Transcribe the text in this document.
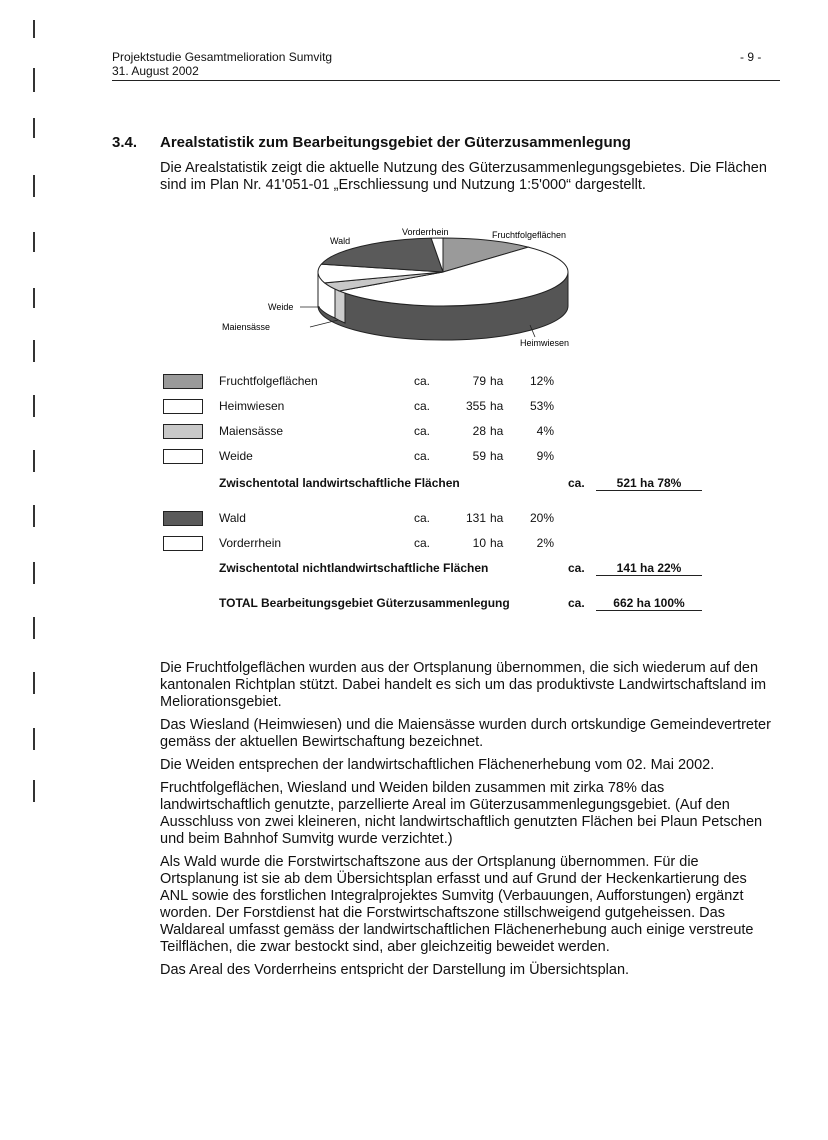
Projektstudie Gesamtmelioration Sumvitg
31. August 2002
- 9 -
3.4. Arealstatistik zum Bearbeitungsgebiet der Güterzusammenlegung
Die Arealstatistik zeigt die aktuelle Nutzung des Güterzusammenlegungsgebietes. Die Flächen sind im Plan Nr. 41'051-01 „Erschliessung und Nutzung 1:5'000“ dargestellt.
Wald
Vorderrhein	Fruchtfolgeflächen
Weide
Maiensässe
Heimwiesen
Fruchtfolgeflächen	ca.	79 ha	12%
Heimwiesen	ca.	355 ha	53%
Maiensässe	ca.	28 ha	4%
Weide	ca.	59 ha	9%
Zwischentotal landwirtschaftliche Flächen	ca.	521 ha 78%
Wald	ca.	131 ha	20%
Vorderrhein	ca.	10 ha	2%
Zwischentotal nichtlandwirtschaftliche Flächen	ca.	141 ha 22%
TOTAL Bearbeitungsgebiet Güterzusammenlegung	ca.	662 ha 100%

Die Fruchtfolgeflächen wurden aus der Ortsplanung übernommen, die sich wiederum auf den kantonalen Richtplan stützt. Dabei handelt es sich um das produktivste Landwirtschaftsland im Meliorationsgebiet.

Das Wiesland (Heimwiesen) und die Maiensässe wurden durch ortskundige Gemeindevertreter gemäss der aktuellen Bewirtschaftung bezeichnet.

Die Weiden entsprechen der landwirtschaftlichen Flächenerhebung vom 02. Mai 2002.

Fruchtfolgeflächen, Wiesland und Weiden bilden zusammen mit zirka 78% das landwirtschaftlich genutzte, parzellierte Areal im Güterzusammenlegungsgebiet. (Auf den Ausschluss von zwei kleineren, nicht landwirtschaftlich genutzten Flächen bei Plaun Petschen und beim Bahnhof Sumvitg wurde verzichtet.)

Als Wald wurde die Forstwirtschaftszone aus der Ortsplanung übernommen. Für die Ortsplanung ist sie ab dem Übersichtsplan erfasst und auf Grund der Heckenkartierung des ANL sowie des forstlichen Integralprojektes Sumvitg (Verbauungen, Aufforstungen) ergänzt worden. Der Forstdienst hat die Forstwirtschaftszone stillschweigend gutgeheissen. Das Waldareal umfasst gemäss der landwirtschaftlichen Flächenerhebung auch einige verstreute Teilflächen, die zwar bestockt sind, aber gleichzeitig beweidet werden.

Das Areal des Vorderrheins entspricht der Darstellung im Übersichtsplan.
